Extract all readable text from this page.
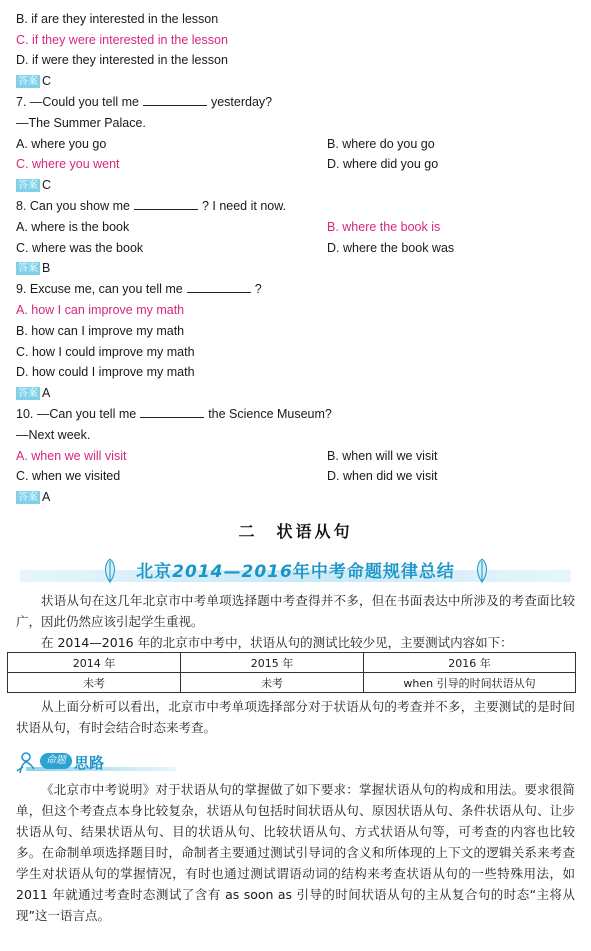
B. if are they interested in the lesson
C. if they were interested in the lesson
D. if were they interested in the lesson
答案 C
7. —Could you tell me	yesterday?
—The Summer Palace.
A. where you go	B. where do you go
C. where you went	D. where did you go
答案 C
8. Can you show me	? I need it now.
A. where is the book	B. where the book is
C. where was the book	D. where the book was
答案 B
9. Excuse me, can you tell me	?
A. how I can improve my math
B. how can I improve my math
C. how I could improve my math
D. how could I improve my math
答案 A
10. —Can you tell me	the Science Museum?
—Next week.
A. when we will visit	B. when will we visit
C. when we visited	D. when did we visit
答案 A
二　状语从句
北京2014—2016年中考命题规律总结

状语从句在这几年北京市中考单项选择题中考查得并不多，但在书面表达中所涉及的考查面比较广，因此仍然应该引起学生重视。

在 2014—2016 年的北京市中考中，状语从句的测试比较少见，主要测试内容如下：

2014 年	2015 年	2016 年
未考	未考	when 引导的时间状语从句

从上面分析可以看出，北京市中考单项选择部分对于状语从句的考查并不多，主要测试的是时间状语从句，有时会结合时态来考查。

命题 思路

《北京市中考说明》对于状语从句的掌握做了如下要求：掌握状语从句的构成和用法。要求很简单，但这个考查点本身比较复杂，状语从句包括时间状语从句、原因状语从句、条件状语从句、让步状语从句、结果状语从句、目的状语从句、比较状语从句、方式状语从句等，可考查的内容也比较多。在命制单项选择题目时，命制者主要通过测试引导词的含义和所体现的上下文的逻辑关系来考查学生对状语从句的掌握情况，有时也通过测试谓语动词的结构来考查状语从句的一些特殊用法，如 2011 年就通过考查时态测试了含有 as soon as 引导的时间状语从句的主从复合句的时态“主将从现”这一语言点。
